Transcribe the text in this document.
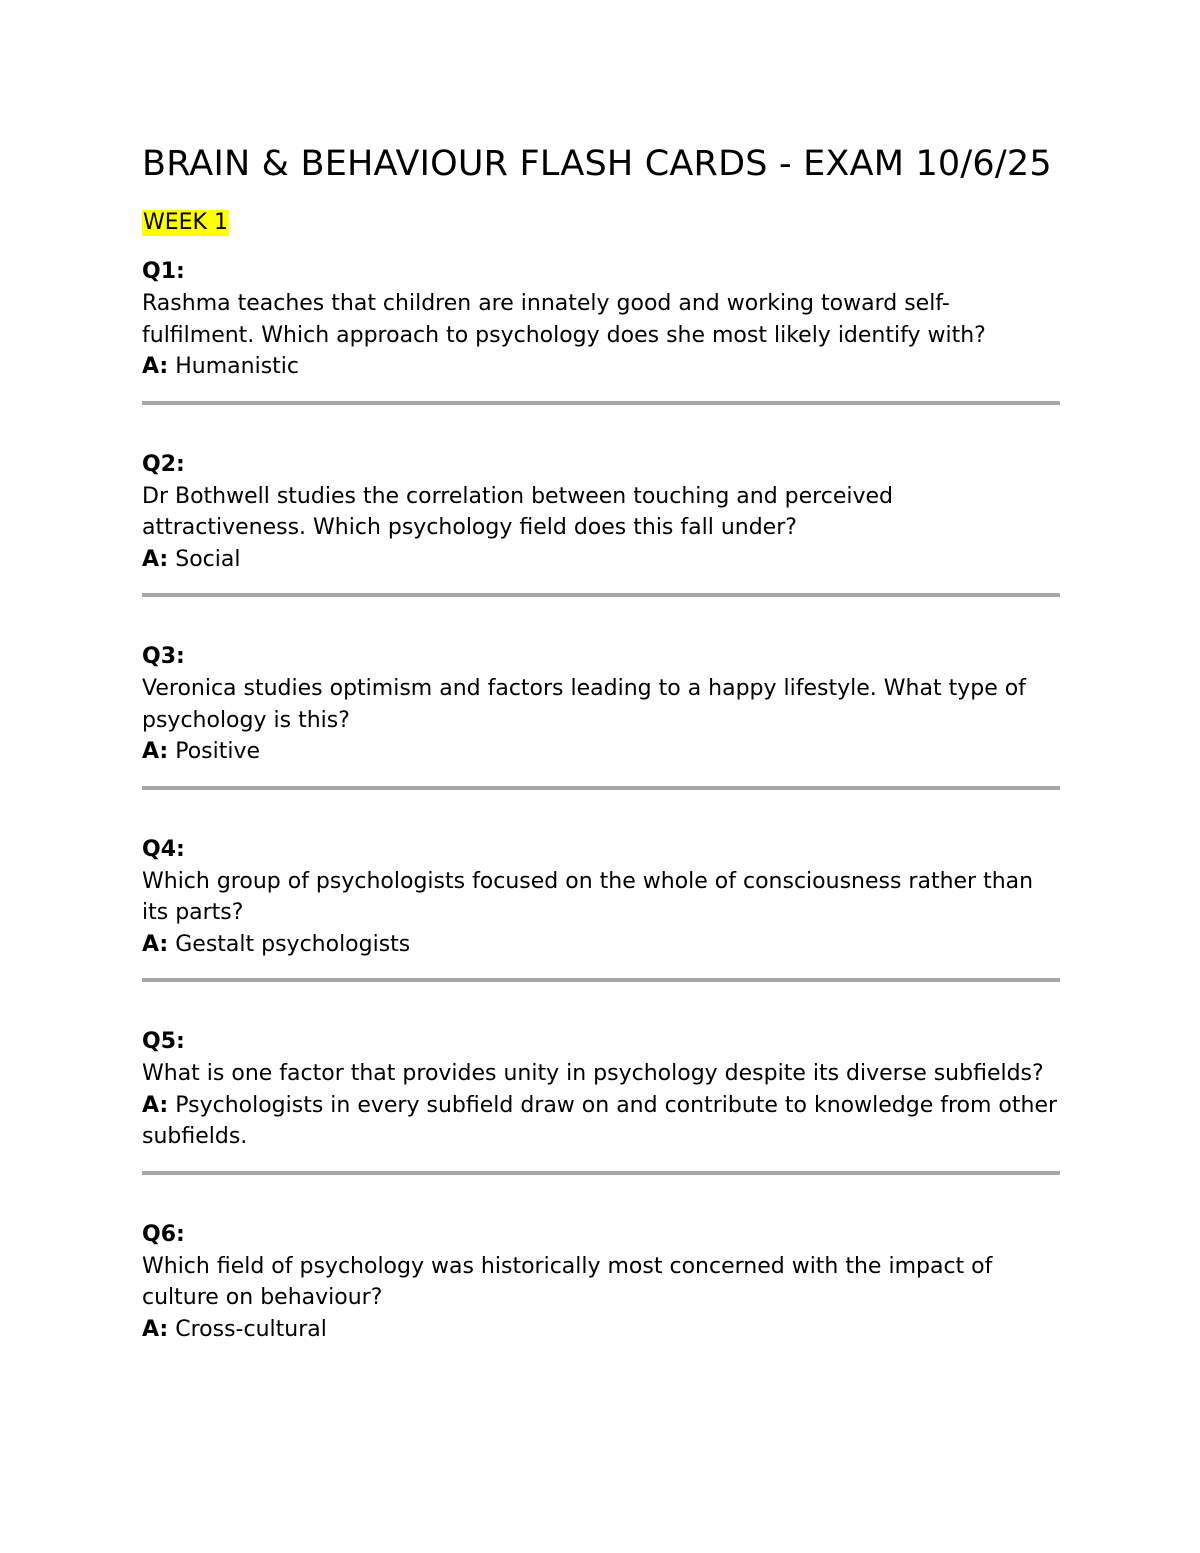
BRAIN & BEHAVIOUR FLASH CARDS - EXAM 10/6/25
WEEK 1

Q1:

Rashma teaches that children are innately good and working toward self-fulfilment. Which approach to psychology does she most likely identify with?

A: Humanistic

Q2:

Dr Bothwell studies the correlation between touching and perceived attractiveness. Which psychology field does this fall under?

A: Social

Q3:

Veronica studies optimism and factors leading to a happy lifestyle. What type of psychology is this?

A: Positive

Q4:

Which group of psychologists focused on the whole of consciousness rather than its parts?

A: Gestalt psychologists

Q5:

What is one factor that provides unity in psychology despite its diverse subfields?

A: Psychologists in every subfield draw on and contribute to knowledge from other subfields.

Q6:

Which field of psychology was historically most concerned with the impact of culture on behaviour?

A: Cross-cultural
